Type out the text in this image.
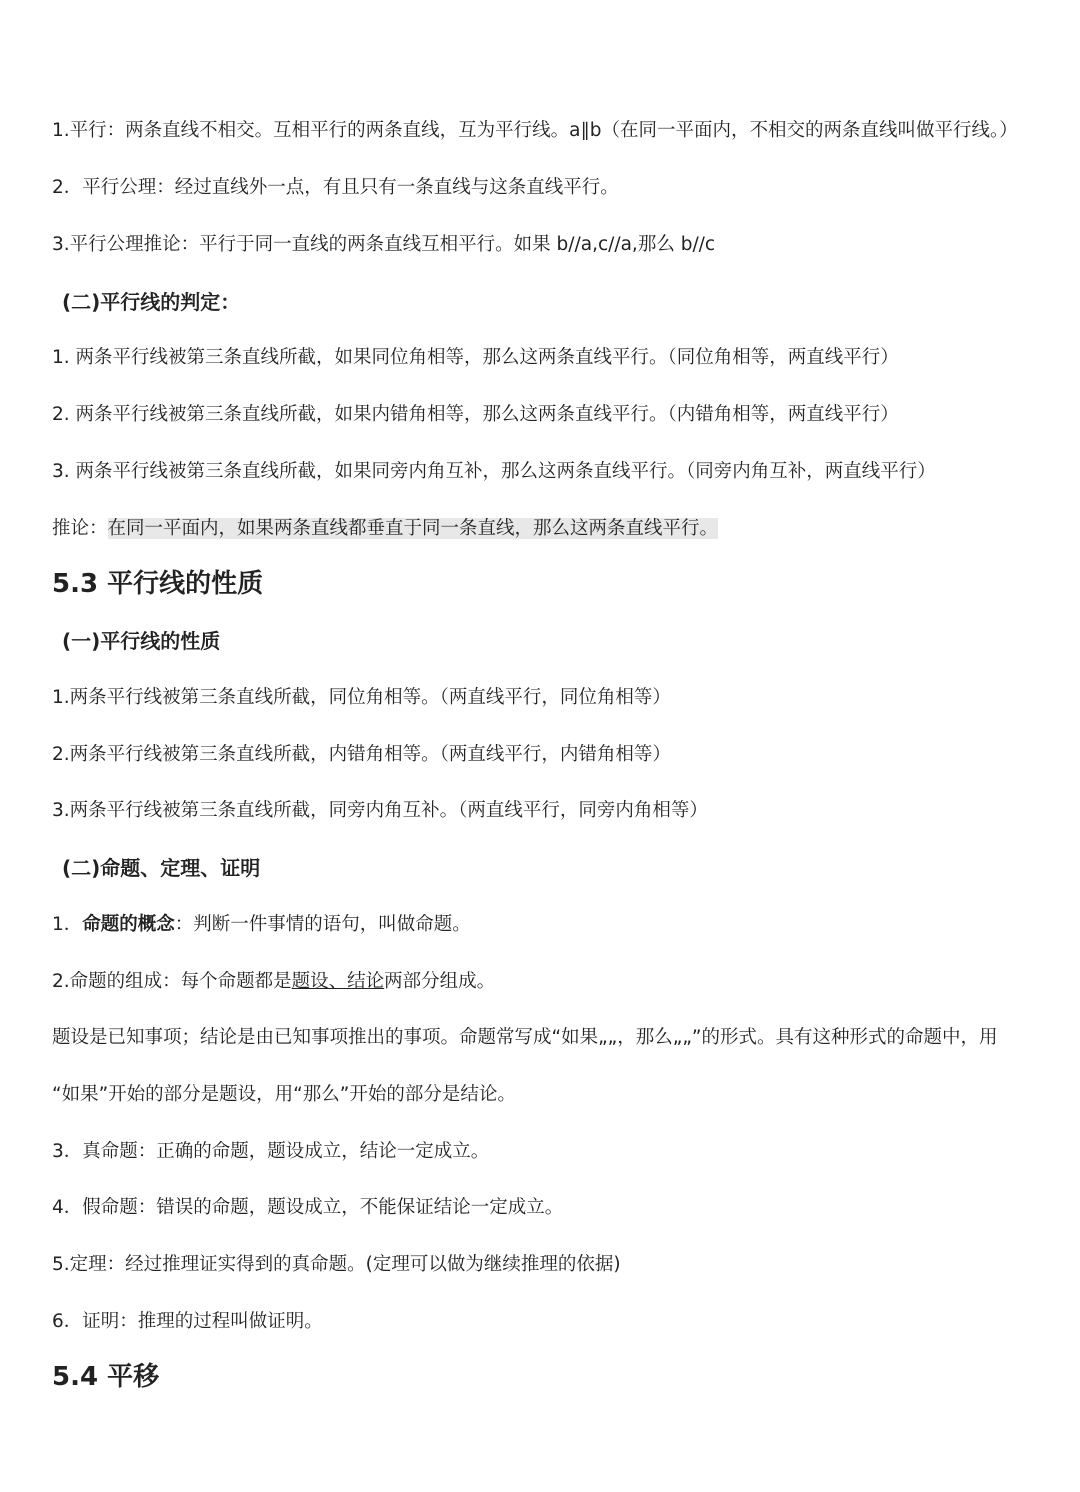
1.平行：两条直线不相交。互相平行的两条直线，互为平行线。a∥b（在同一平面内，不相交的两条直线叫做平行线。）

2．平行公理：经过直线外一点，有且只有一条直线与这条直线平行。

3.平行公理推论：平行于同一直线的两条直线互相平行。如果 b//a,c//a,那么 b//c

(二)平行线的判定：

1. 两条平行线被第三条直线所截，如果同位角相等，那么这两条直线平行。（同位角相等，两直线平行）

2. 两条平行线被第三条直线所截，如果内错角相等，那么这两条直线平行。（内错角相等，两直线平行）

3. 两条平行线被第三条直线所截，如果同旁内角互补，那么这两条直线平行。（同旁内角互补，两直线平行）

推论：在同一平面内，如果两条直线都垂直于同一条直线，那么这两条直线平行。

5.3 平行线的性质

(一)平行线的性质

1.两条平行线被第三条直线所截，同位角相等。（两直线平行，同位角相等）

2.两条平行线被第三条直线所截，内错角相等。（两直线平行，内错角相等）

3.两条平行线被第三条直线所截，同旁内角互补。（两直线平行，同旁内角相等）

(二)命题、定理、证明

1．命题的概念：判断一件事情的语句，叫做命题。

2.命题的组成：每个命题都是题设、结论两部分组成。

题设是已知事项；结论是由已知事项推出的事项。命题常写成“如果„„，那么„„”的形式。具有这种形式的命题中，用

“如果”开始的部分是题设，用“那么”开始的部分是结论。

3．真命题：正确的命题，题设成立，结论一定成立。

4．假命题：错误的命题，题设成立，不能保证结论一定成立。

5.定理：经过推理证实得到的真命题。(定理可以做为继续推理的依据)

6．证明：推理的过程叫做证明。

5.4 平移
